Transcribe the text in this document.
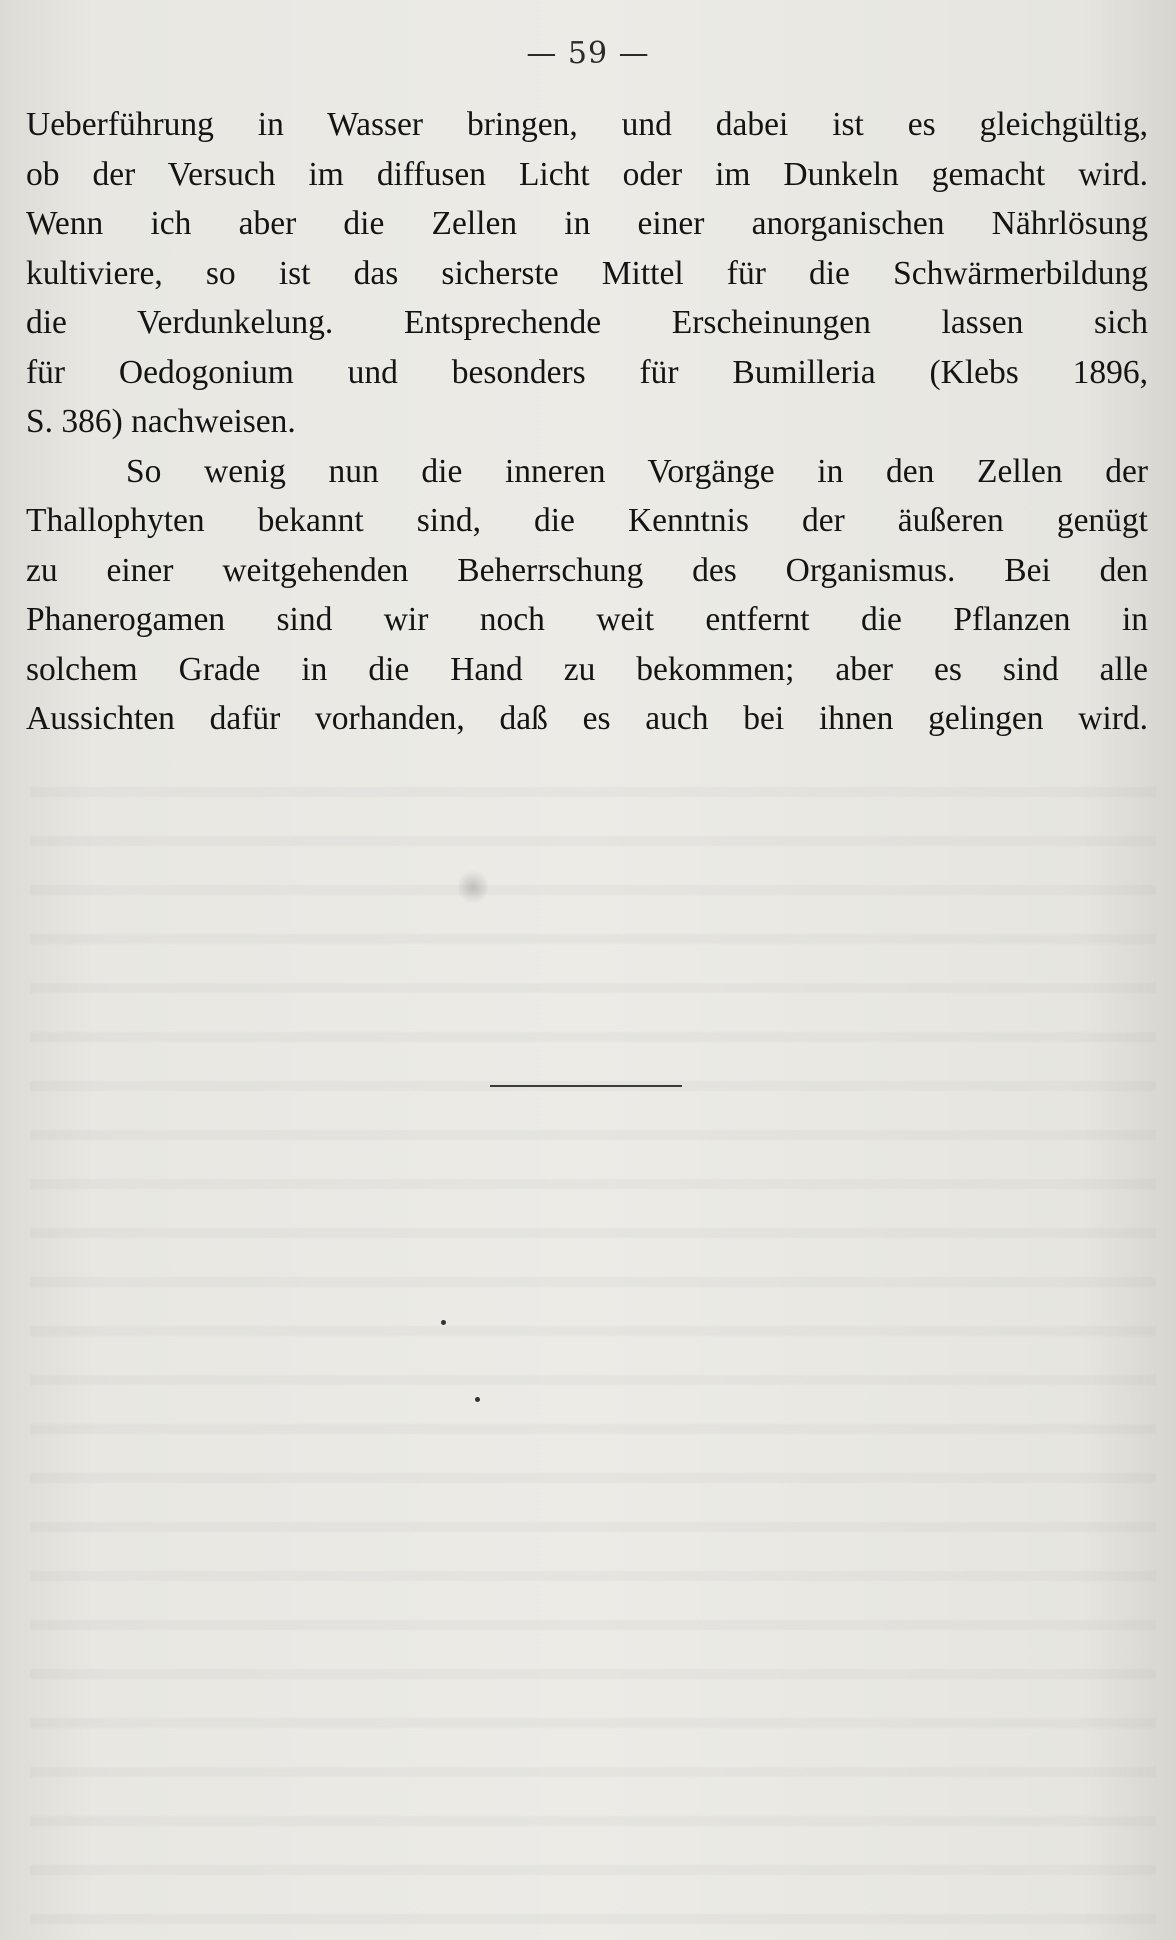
— 59 —

Ueberführung in Wasser bringen, und dabei ist es gleichgültig,
ob der Versuch im diffusen Licht oder im Dunkeln gemacht wird.
Wenn ich aber die Zellen in einer anorganischen Nährlösung
kultiviere, so ist das sicherste Mittel für die Schwärmerbildung
die Verdunkelung. Entsprechende Erscheinungen lassen sich
für Oedogonium und besonders für Bumilleria (Klebs 1896,
S. 386) nachweisen.

So wenig nun die inneren Vorgänge in den Zellen der
Thallophyten bekannt sind, die Kenntnis der äußeren genügt
zu einer weitgehenden Beherrschung des Organismus. Bei den
Phanerogamen sind wir noch weit entfernt die Pflanzen in
solchem Grade in die Hand zu bekommen; aber es sind alle
Aussichten dafür vorhanden, daß es auch bei ihnen gelingen wird.
